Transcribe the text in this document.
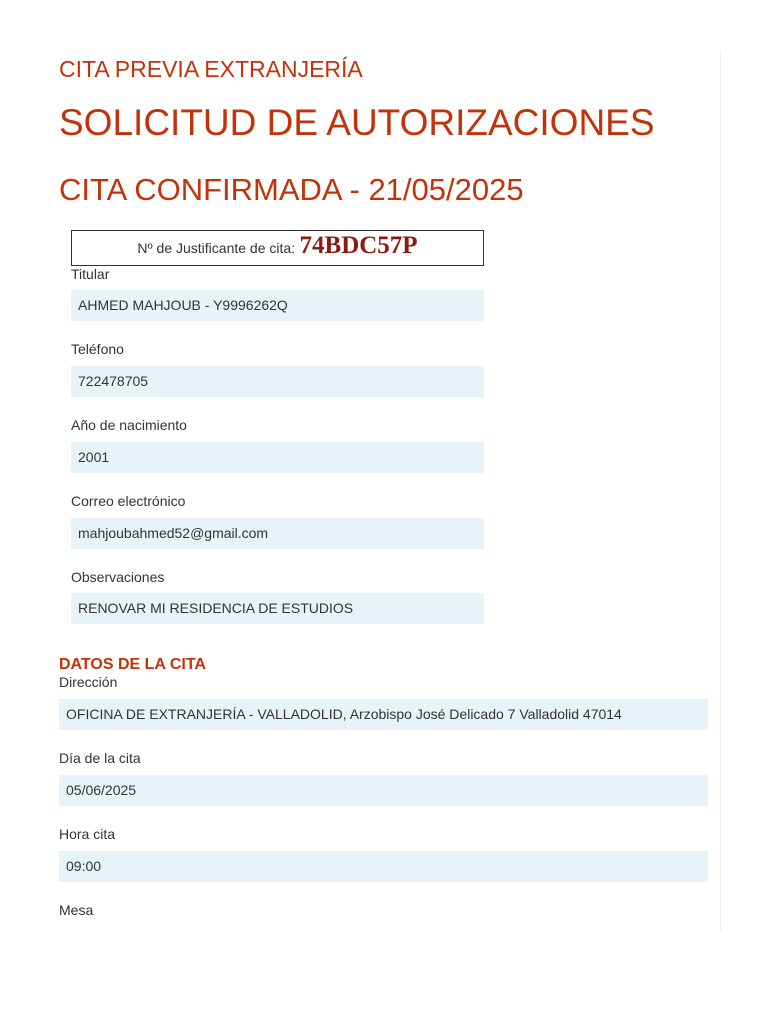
CITA PREVIA EXTRANJERÍA
SOLICITUD DE AUTORIZACIONES
CITA CONFIRMADA - 21/05/2025
Nº de Justificante de cita: 74BDC57P
Titular
AHMED MAHJOUB - Y9996262Q
Teléfono
722478705
Año de nacimiento
2001
Correo electrónico
mahjoubahmed52@gmail.com
Observaciones
RENOVAR MI RESIDENCIA DE ESTUDIOS
DATOS DE LA CITA
Dirección
OFICINA DE EXTRANJERÍA - VALLADOLID, Arzobispo José Delicado 7 Valladolid 47014
Día de la cita
05/06/2025
Hora cita
09:00
Mesa
